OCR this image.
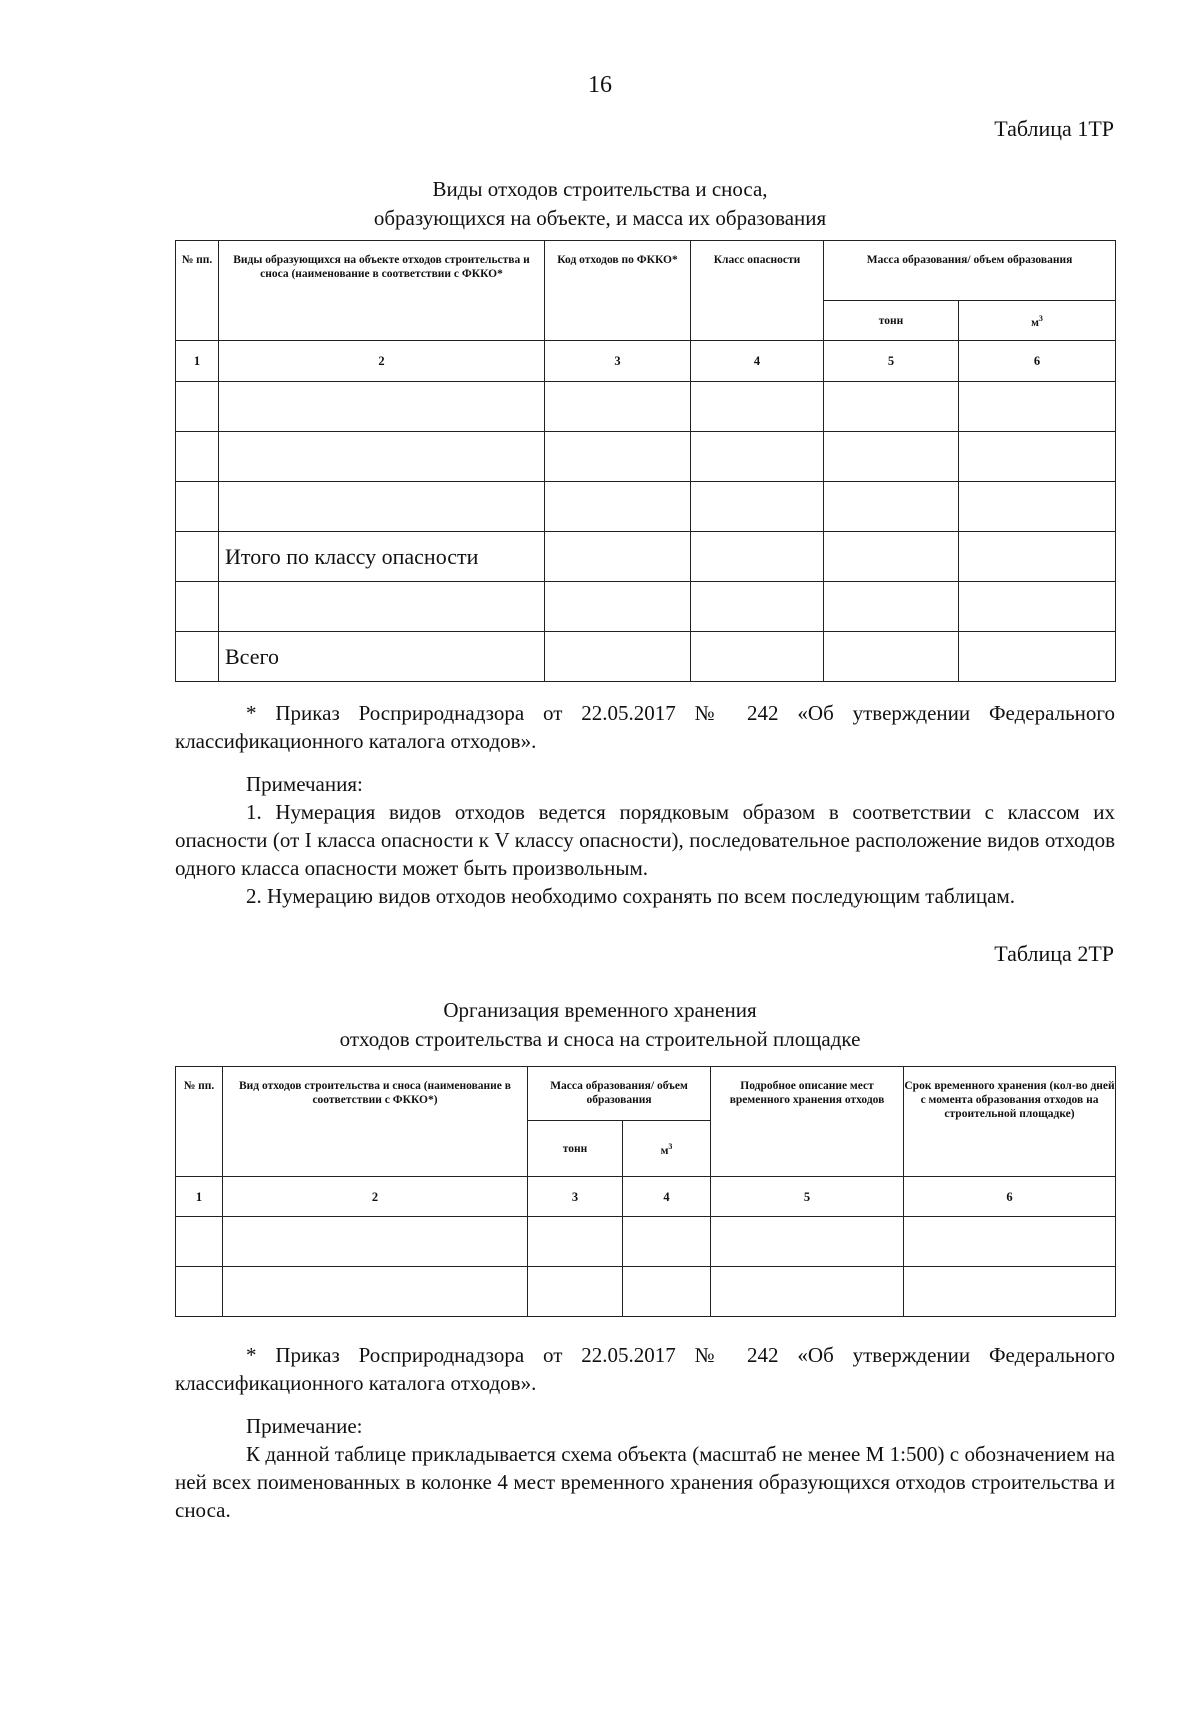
16
Таблица 1ТР
Виды отходов строительства и сноса,
образующихся на объекте, и масса их образования
№ пп.	Виды образующихся на объекте отходов строительства и сноса (наименование в соответствии с ФККО*	Код отходов по ФККО*	Класс опасности	Масса образования/ объем образования	
				тонн	$м^3$
1	2	3	4	5	6

	Итого по классу опасности				

	Всего				
* Приказ Росприроднадзора от 22.05.2017 № 242 «Об утверждении Федерального классификационного каталога отходов».
Примечания:
1. Нумерация видов отходов ведется порядковым образом в соответствии с классом их опасности (от I класса опасности к V классу опасности), последовательное расположение видов отходов одного класса опасности может быть произвольным.
2. Нумерацию видов отходов необходимо сохранять по всем последующим таблицам.
Таблица 2ТР
Организация временного хранения
отходов строительства и сноса на строительной площадке
№ пп.	Вид отходов строительства и сноса (наименование в соответствии с ФККО*)	Масса образования/ объем образования		Подробное описание мест временного хранения отходов	Срок временного хранения (кол-во дней с момента образования отходов на строительной площадке)
		тонн	$м^3$
1	2	3	4	5	6

* Приказ Росприроднадзора от 22.05.2017 № 242 «Об утверждении Федерального классификационного каталога отходов».
Примечание:
К данной таблице прикладывается схема объекта (масштаб не менее М 1:500) с обозначением на ней всех поименованных в колонке 4 мест временного хранения образующихся отходов строительства и сноса.
